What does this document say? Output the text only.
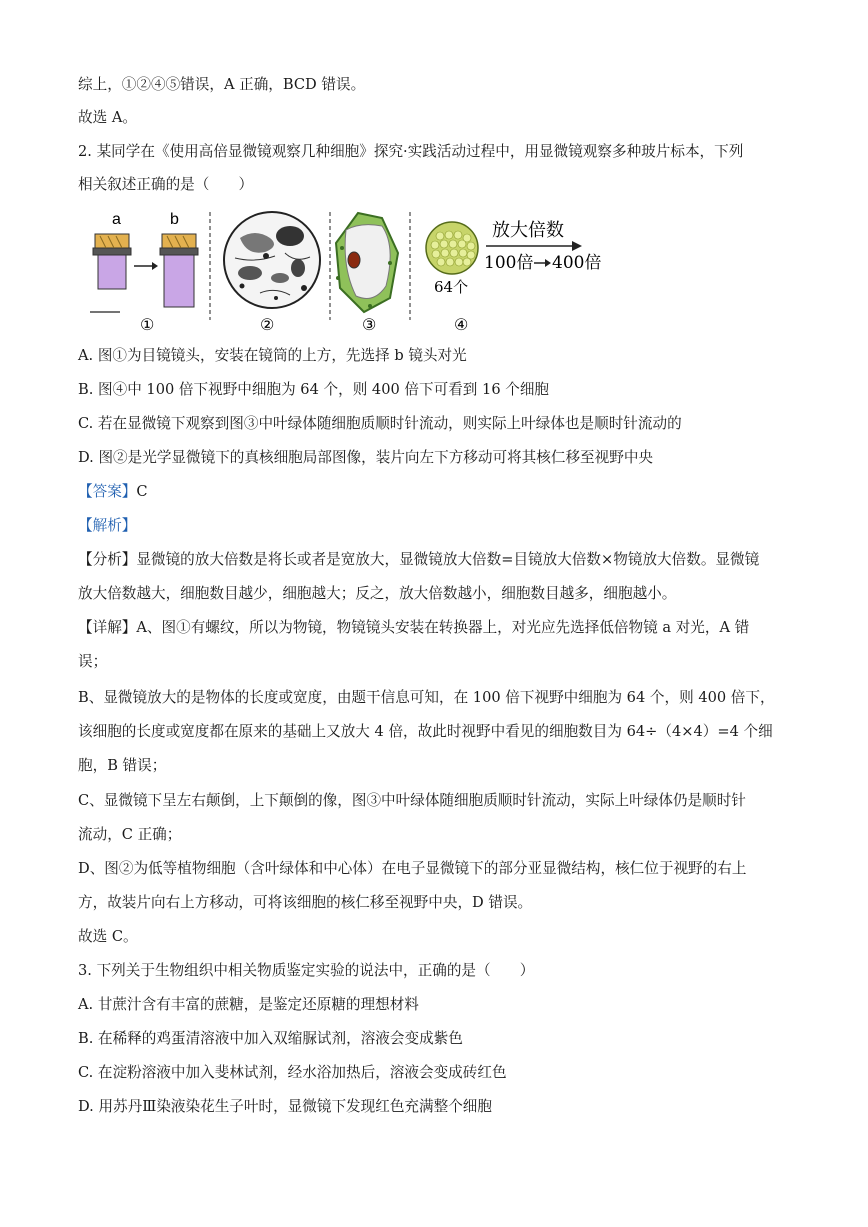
综上，①②④⑤错误，A 正确，BCD 错误。
故选 A。
2. 某同学在《使用高倍显微镜观察几种细胞》探究·实践活动过程中，用显微镜观察多种玻片标本，下列
相关叙述正确的是（　　）
a	b
64个
放大倍数
100倍 400倍
①	②	③	④
A. 图①为目镜镜头，安装在镜筒的上方，先选择 b 镜头对光
B. 图④中 100 倍下视野中细胞为 64 个，则 400 倍下可看到 16 个细胞
C. 若在显微镜下观察到图③中叶绿体随细胞质顺时针流动，则实际上叶绿体也是顺时针流动的
D. 图②是光学显微镜下的真核细胞局部图像，装片向左下方移动可将其核仁移至视野中央
【答案】C
【解析】
【分析】显微镜的放大倍数是将长或者是宽放大，显微镜放大倍数=目镜放大倍数×物镜放大倍数。显微镜
放大倍数越大，细胞数目越少，细胞越大；反之，放大倍数越小，细胞数目越多，细胞越小。
【详解】A、图①有螺纹，所以为物镜，物镜镜头安装在转换器上，对光应先选择低倍物镜 a 对光，A 错
误；
B、显微镜放大的是物体的长度或宽度，由题干信息可知，在 100 倍下视野中细胞为 64 个，则 400 倍下，
该细胞的长度或宽度都在原来的基础上又放大 4 倍，故此时视野中看见的细胞数目为 64÷（4×4）=4 个细
胞，B 错误；
C、显微镜下呈左右颠倒，上下颠倒的像，图③中叶绿体随细胞质顺时针流动，实际上叶绿体仍是顺时针
流动，C 正确；
D、图②为低等植物细胞（含叶绿体和中心体）在电子显微镜下的部分亚显微结构，核仁位于视野的右上
方，故装片向右上方移动，可将该细胞的核仁移至视野中央，D 错误。
故选 C。
3. 下列关于生物组织中相关物质鉴定实验的说法中，正确的是（　　）
A. 甘蔗汁含有丰富的蔗糖，是鉴定还原糖的理想材料
B. 在稀释的鸡蛋清溶液中加入双缩脲试剂，溶液会变成紫色
C. 在淀粉溶液中加入斐林试剂，经水浴加热后，溶液会变成砖红色
D. 用苏丹Ⅲ染液染花生子叶时，显微镜下发现红色充满整个细胞
